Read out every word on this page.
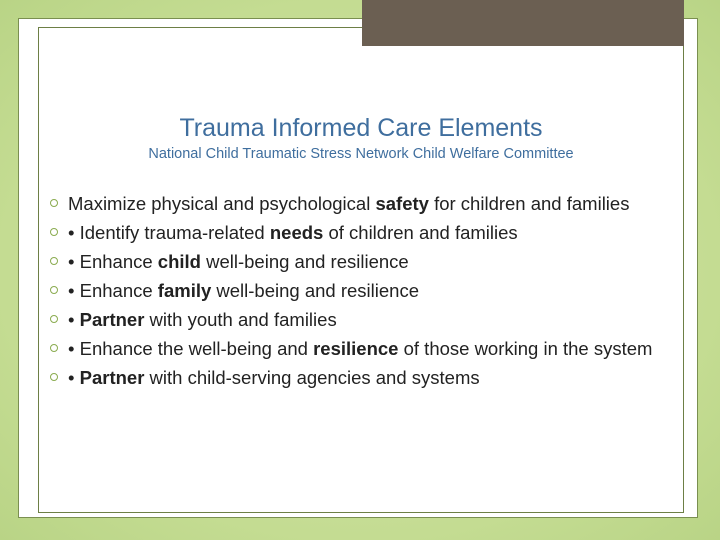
Trauma Informed Care Elements
National Child Traumatic Stress Network Child Welfare Committee
Maximize physical and psychological safety for children and families
• Identify trauma-related needs of children and families
• Enhance child well-being and resilience
• Enhance family well-being and resilience
• Partner with youth and families
• Enhance the well-being and resilience of those working in the system
• Partner with child-serving agencies and systems
